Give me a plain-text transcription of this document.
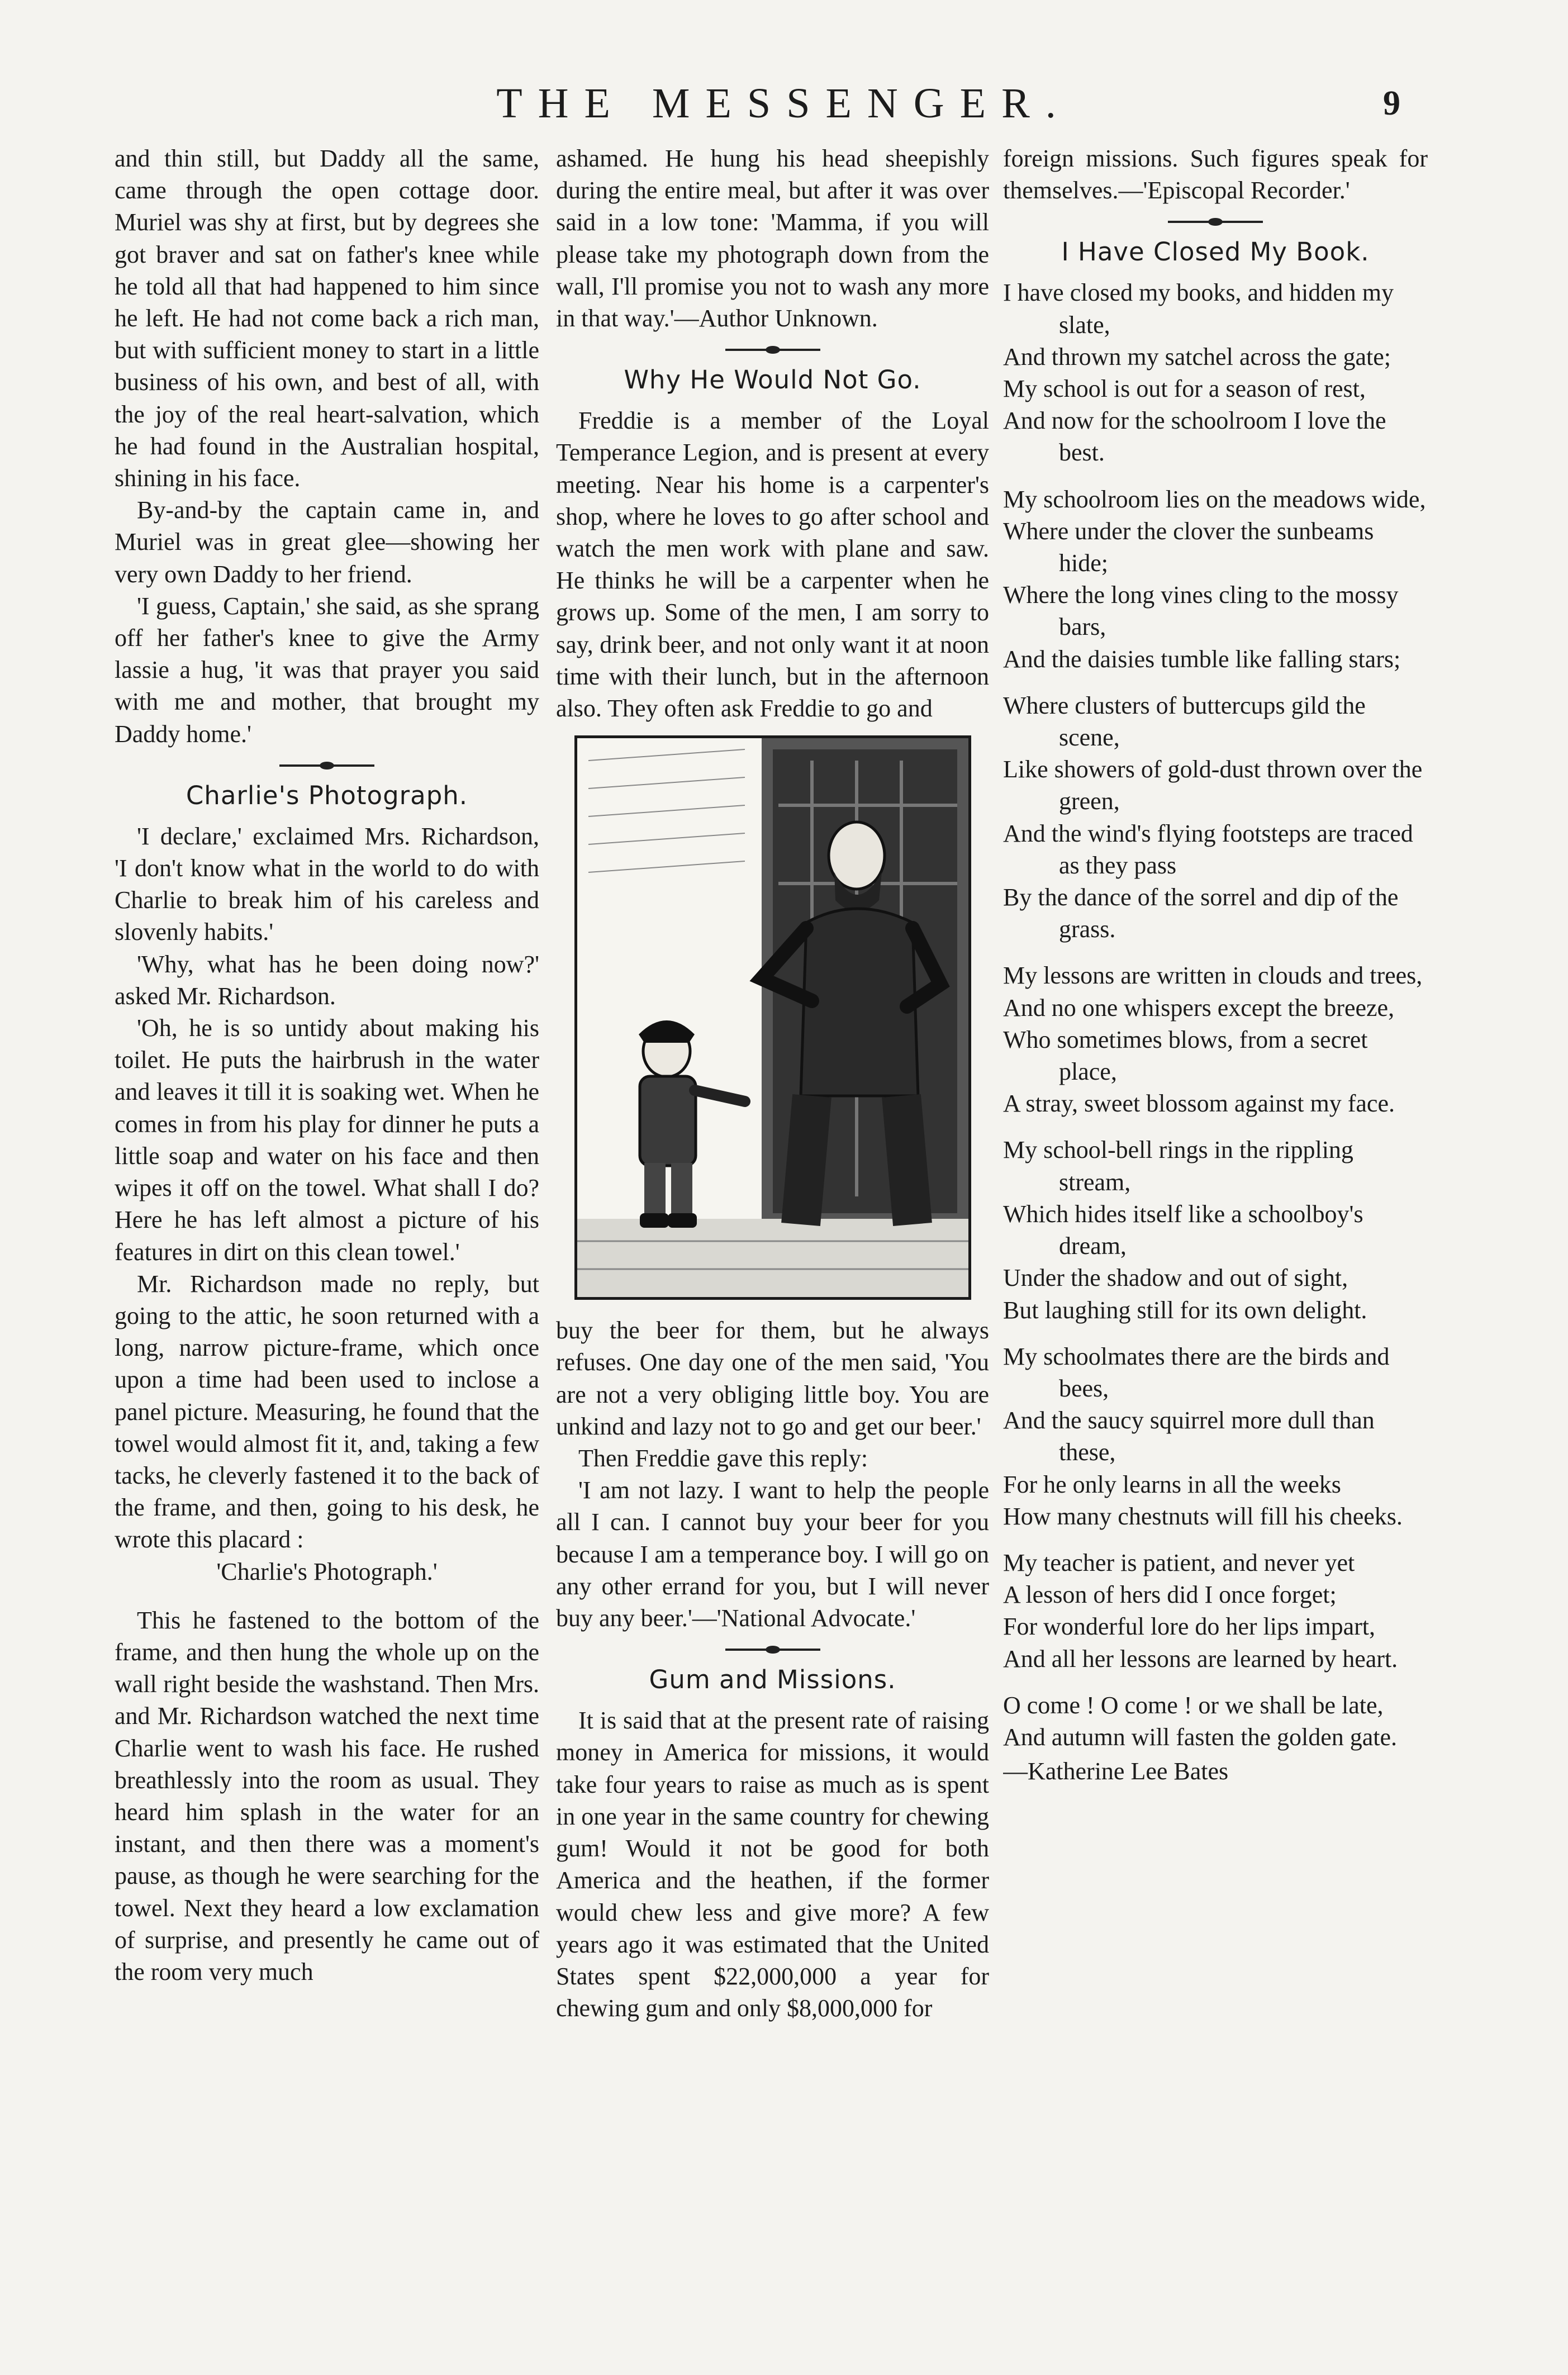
THE MESSENGER.	9

and thin still, but Daddy all the same, came through the open cottage door. Muriel was shy at first, but by degrees she got braver and sat on father's knee while he told all that had happened to him since he left. He had not come back a rich man, but with sufficient money to start in a little business of his own, and best of all, with the joy of the real heart-salvation, which he had found in the Australian hospital, shining in his face.

By-and-by the captain came in, and Muriel was in great glee—showing her very own Daddy to her friend.

'I guess, Captain,' she said, as she sprang off her father's knee to give the Army lassie a hug, 'it was that prayer you said with me and mother, that brought my Daddy home.'

Charlie's Photograph.

'I declare,' exclaimed Mrs. Richardson, 'I don't know what in the world to do with Charlie to break him of his careless and slovenly habits.'

'Why, what has he been doing now?' asked Mr. Richardson.

'Oh, he is so untidy about making his toilet. He puts the hairbrush in the water and leaves it till it is soaking wet. When he comes in from his play for dinner he puts a little soap and water on his face and then wipes it off on the towel. What shall I do? Here he has left almost a picture of his features in dirt on this clean towel.'

Mr. Richardson made no reply, but going to the attic, he soon returned with a long, narrow picture-frame, which once upon a time had been used to inclose a panel picture. Measuring, he found that the towel would almost fit it, and, taking a few tacks, he cleverly fastened it to the back of the frame, and then, going to his desk, he wrote this placard :

'Charlie's Photograph.'

This he fastened to the bottom of the frame, and then hung the whole up on the wall right beside the washstand. Then Mrs. and Mr. Richardson watched the next time Charlie went to wash his face. He rushed breathlessly into the room as usual. They heard him splash in the water for an instant, and then there was a moment's pause, as though he were searching for the towel. Next they heard a low exclamation of surprise, and presently he came out of the room very much

ashamed. He hung his head sheepishly during the entire meal, but after it was over said in a low tone: 'Mamma, if you will please take my photograph down from the wall, I'll promise you not to wash any more in that way.'—Author Unknown.

Why He Would Not Go.

Freddie is a member of the Loyal Temperance Legion, and is present at every meeting. Near his home is a carpenter's shop, where he loves to go after school and watch the men work with plane and saw. He thinks he will be a carpenter when he grows up. Some of the men, I am sorry to say, drink beer, and not only want it at noon time with their lunch, but in the afternoon also. They often ask Freddie to go and

buy the beer for them, but he always refuses. One day one of the men said, 'You are not a very obliging little boy. You are unkind and lazy not to go and get our beer.'

Then Freddie gave this reply:

'I am not lazy. I want to help the people all I can. I cannot buy your beer for you because I am a temperance boy. I will go on any other errand for you, but I will never buy any beer.'—'National Advocate.'

Gum and Missions.

It is said that at the present rate of raising money in America for missions, it would take four years to raise as much as is spent in one year in the same country for chewing gum! Would it not be good for both America and the heathen, if the former would chew less and give more? A few years ago it was estimated that the United States spent $22,000,000 a year for chewing gum and only $8,000,000 for

foreign missions. Such figures speak for themselves.—'Episcopal Recorder.'

I Have Closed My Book.
I have closed my books, and hidden my slate,
And thrown my satchel across the gate;
My school is out for a season of rest,
And now for the schoolroom I love the best.
My schoolroom lies on the meadows wide,
Where under the clover the sunbeams hide;
Where the long vines cling to the mossy bars,
And the daisies tumble like falling stars;
Where clusters of buttercups gild the scene,
Like showers of gold-dust thrown over the green,
And the wind's flying footsteps are traced as they pass
By the dance of the sorrel and dip of the grass.
My lessons are written in clouds and trees,
And no one whispers except the breeze,
Who sometimes blows, from a secret place,
A stray, sweet blossom against my face.
My school-bell rings in the rippling stream,
Which hides itself like a schoolboy's dream,
Under the shadow and out of sight,
But laughing still for its own delight.
My schoolmates there are the birds and bees,
And the saucy squirrel more dull than these,
For he only learns in all the weeks
How many chestnuts will fill his cheeks.
My teacher is patient, and never yet
A lesson of hers did I once forget;
For wonderful lore do her lips impart,
And all her lessons are learned by heart.
O come ! O come ! or we shall be late,
And autumn will fasten the golden gate.
—Katherine Lee Bates
